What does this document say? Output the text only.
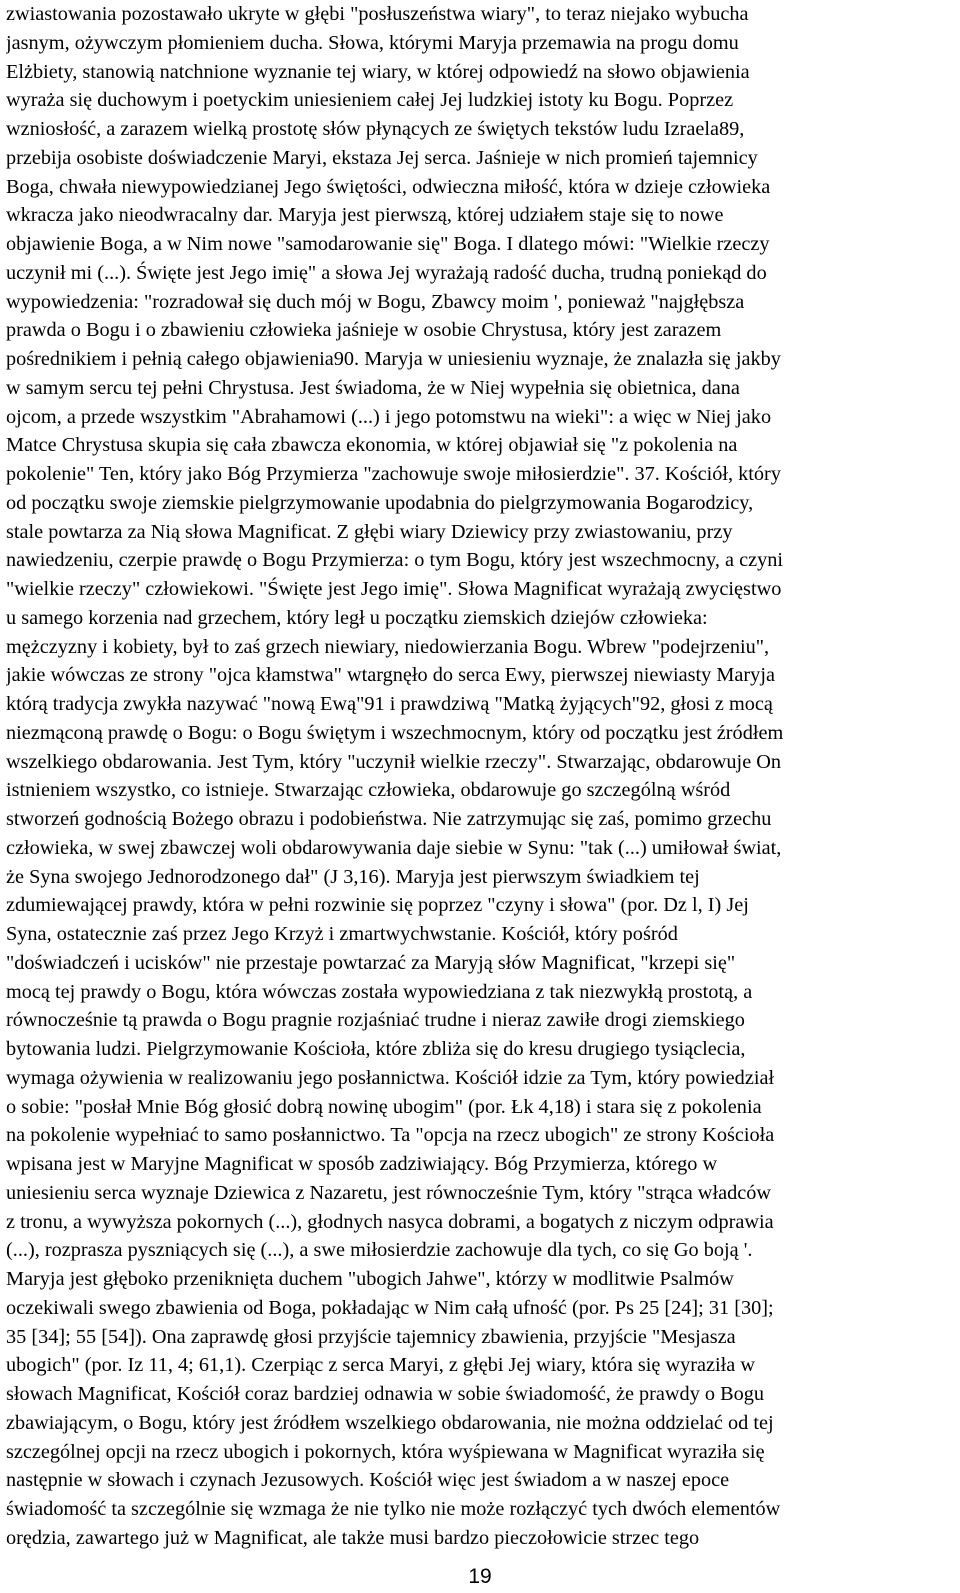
zwiastowania pozostawało ukryte w głębi "posłuszeństwa wiary", to teraz niejako wybucha
jasnym, ożywczym płomieniem ducha. Słowa, którymi Maryja przemawia na progu domu
Elżbiety, stanowią natchnione wyznanie tej wiary, w której odpowiedź na słowo objawienia
wyraża się duchowym i poetyckim uniesieniem całej Jej ludzkiej istoty ku Bogu. Poprzez
wzniosłość, a zarazem wielką prostotę słów płynących ze świętych tekstów ludu Izraela89,
przebija osobiste doświadczenie Maryi, ekstaza Jej serca. Jaśnieje w nich promień tajemnicy
Boga, chwała niewypowiedzianej Jego świętości, odwieczna miłość, która w dzieje człowieka
wkracza jako nieodwracalny dar. Maryja jest pierwszą, której udziałem staje się to nowe
objawienie Boga, a w Nim nowe "samodarowanie się" Boga. I dlatego mówi: "Wielkie rzeczy
uczynił mi (...). Święte jest Jego imię" a słowa Jej wyrażają radość ducha, trudną poniekąd do
wypowiedzenia: "rozradował się duch mój w Bogu, Zbawcy moim ', ponieważ "najgłębsza
prawda o Bogu i o zbawieniu człowieka jaśnieje w osobie Chrystusa, który jest zarazem
pośrednikiem i pełnią całego objawienia90. Maryja w uniesieniu wyznaje, że znalazła się jakby
w samym sercu tej pełni Chrystusa. Jest świadoma, że w Niej wypełnia się obietnica, dana
ojcom, a przede wszystkim "Abrahamowi (...) i jego potomstwu na wieki": a więc w Niej jako
Matce Chrystusa skupia się cała zbawcza ekonomia, w której objawiał się "z pokolenia na
pokolenie" Ten, który jako Bóg Przymierza "zachowuje swoje miłosierdzie". 37. Kościół, który
od początku swoje ziemskie pielgrzymowanie upodabnia do pielgrzymowania Bogarodzicy,
stale powtarza za Nią słowa Magnificat. Z głębi wiary Dziewicy przy zwiastowaniu, przy
nawiedzeniu, czerpie prawdę o Bogu Przymierza: o tym Bogu, który jest wszechmocny, a czyni
"wielkie rzeczy" człowiekowi. "Święte jest Jego imię". Słowa Magnificat wyrażają zwycięstwo
u samego korzenia nad grzechem, który legł u początku ziemskich dziejów człowieka:
mężczyzny i kobiety, był to zaś grzech niewiary, niedowierzania Bogu. Wbrew "podejrzeniu",
jakie wówczas ze strony "ojca kłamstwa" wtargnęło do serca Ewy, pierwszej niewiasty Maryja
którą tradycja zwykła nazywać "nową Ewą"91 i prawdziwą "Matką żyjących"92, głosi z mocą
niezmąconą prawdę o Bogu: o Bogu świętym i wszechmocnym, który od początku jest źródłem
wszelkiego obdarowania. Jest Tym, który "uczynił wielkie rzeczy". Stwarzając, obdarowuje On
istnieniem wszystko, co istnieje. Stwarzając człowieka, obdarowuje go szczególną wśród
stworzeń godnością Bożego obrazu i podobieństwa. Nie zatrzymując się zaś, pomimo grzechu
człowieka, w swej zbawczej woli obdarowywania daje siebie w Synu: "tak (...) umiłował świat,
że Syna swojego Jednorodzonego dał" (J 3,16). Maryja jest pierwszym świadkiem tej
zdumiewającej prawdy, która w pełni rozwinie się poprzez "czyny i słowa" (por. Dz l, I) Jej
Syna, ostatecznie zaś przez Jego Krzyż i zmartwychwstanie. Kościół, który pośród
"doświadczeń i ucisków" nie przestaje powtarzać za Maryją słów Magnificat, "krzepi się"
mocą tej prawdy o Bogu, która wówczas została wypowiedziana z tak niezwykłą prostotą, a
równocześnie tą prawda o Bogu pragnie rozjaśniać trudne i nieraz zawiłe drogi ziemskiego
bytowania ludzi. Pielgrzymowanie Kościoła, które zbliża się do kresu drugiego tysiąclecia,
wymaga ożywienia w realizowaniu jego posłannictwa. Kościół idzie za Tym, który powiedział
o sobie: "posłał Mnie Bóg głosić dobrą nowinę ubogim" (por. Łk 4,18) i stara się z pokolenia
na pokolenie wypełniać to samo posłannictwo. Ta "opcja na rzecz ubogich" ze strony Kościoła
wpisana jest w Maryjne Magnificat w sposób zadziwiający. Bóg Przymierza, którego w
uniesieniu serca wyznaje Dziewica z Nazaretu, jest równocześnie Tym, który "strąca władców
z tronu, a wywyższa pokornych (...), głodnych nasyca dobrami, a bogatych z niczym odprawia
(...), rozprasza pyszniących się (...), a swe miłosierdzie zachowuje dla tych, co się Go boją '.
Maryja jest głęboko przeniknięta duchem "ubogich Jahwe", którzy w modlitwie Psalmów
oczekiwali swego zbawienia od Boga, pokładając w Nim całą ufność (por. Ps 25 [24]; 31 [30];
35 [34]; 55 [54]). Ona zaprawdę głosi przyjście tajemnicy zbawienia, przyjście "Mesjasza
ubogich" (por. Iz 11, 4; 61,1). Czerpiąc z serca Maryi, z głębi Jej wiary, która się wyraziła w
słowach Magnificat, Kościół coraz bardziej odnawia w sobie świadomość, że prawdy o Bogu
zbawiającym, o Bogu, który jest źródłem wszelkiego obdarowania, nie można oddzielać od tej
szczególnej opcji na rzecz ubogich i pokornych, która wyśpiewana w Magnificat wyraziła się
następnie w słowach i czynach Jezusowych. Kościół więc jest świadom a w naszej epoce
świadomość ta szczególnie się wzmaga że nie tylko nie może rozłączyć tych dwóch elementów
orędzia, zawartego już w Magnificat, ale także musi bardzo pieczołowicie strzec tego
19
